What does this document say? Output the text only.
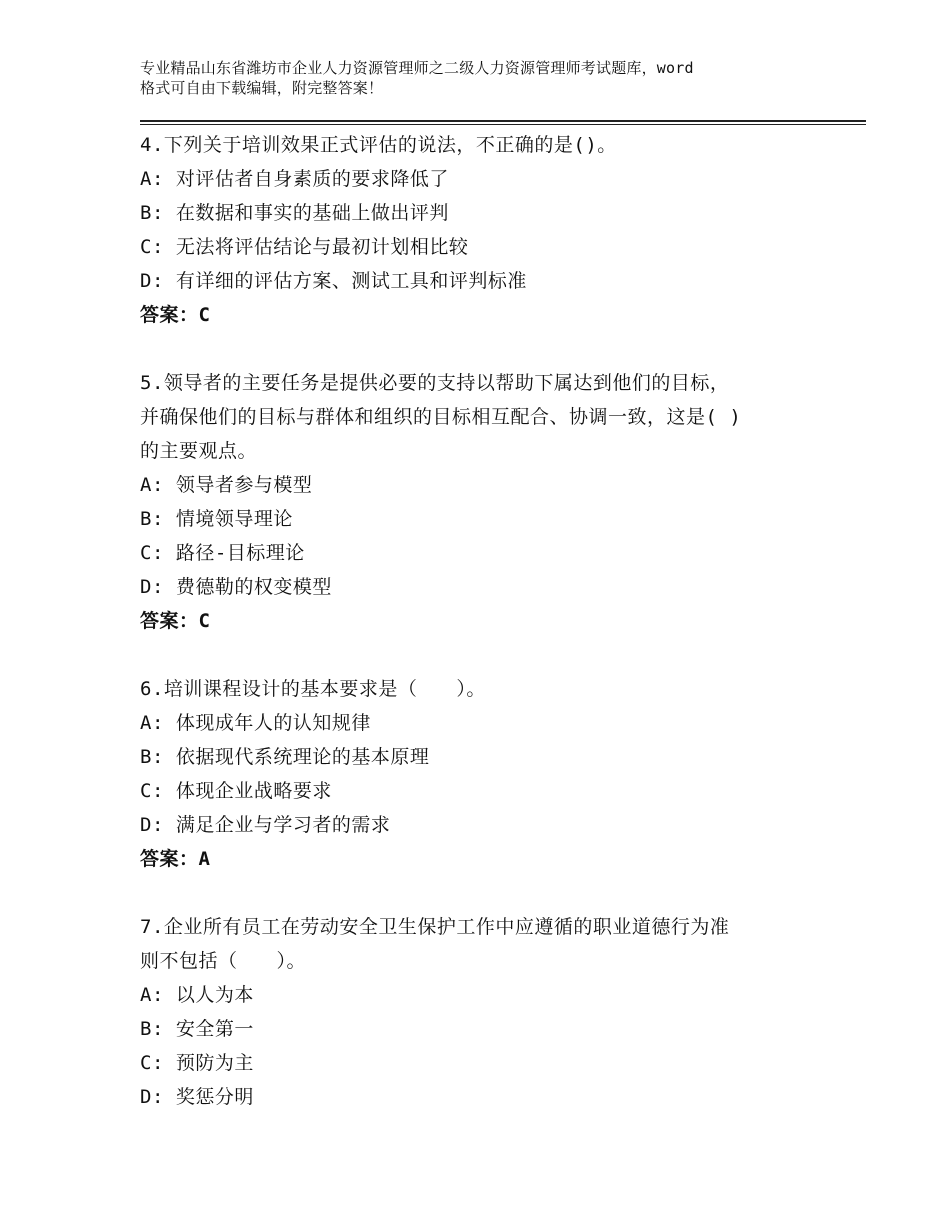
专业精品山东省潍坊市企业人力资源管理师之二级人力资源管理师考试题库，word
格式可自由下载编辑，附完整答案！
4.下列关于培训效果正式评估的说法，不正确的是()。
A: 对评估者自身素质的要求降低了
B: 在数据和事实的基础上做出评判
C: 无法将评估结论与最初计划相比较
D: 有详细的评估方案、测试工具和评判标准
答案：C
5.领导者的主要任务是提供必要的支持以帮助下属达到他们的目标，
并确保他们的目标与群体和组织的目标相互配合、协调一致，这是( )
的主要观点。
A: 领导者参与模型
B: 情境领导理论
C: 路径-目标理论
D: 费德勒的权变模型
答案：C
6.培训课程设计的基本要求是（　　）。
A: 体现成年人的认知规律
B: 依据现代系统理论的基本原理
C: 体现企业战略要求
D: 满足企业与学习者的需求
答案：A
7.企业所有员工在劳动安全卫生保护工作中应遵循的职业道德行为准
则不包括（　　）。
A: 以人为本
B: 安全第一
C: 预防为主
D: 奖惩分明
